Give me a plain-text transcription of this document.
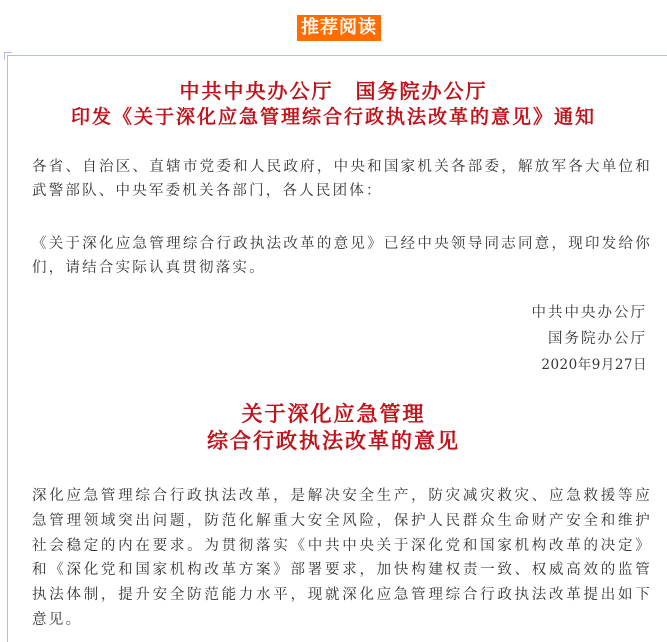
推荐阅读
中共中央办公厅　国务院办公厅
印发《关于深化应急管理综合行政执法改革的意见》通知
各省、自治区、直辖市党委和人民政府，中央和国家机关各部委，解放军各大单位和武警部队、中央军委机关各部门，各人民团体：
《关于深化应急管理综合行政执法改革的意见》已经中央领导同志同意，现印发给你们，请结合实际认真贯彻落实。
中共中央办公厅
国务院办公厅
2020年9月27日
关于深化应急管理
综合行政执法改革的意见
深化应急管理综合行政执法改革，是解决安全生产，防灾减灾救灾、应急救援等应急管理领域突出问题，防范化解重大安全风险，保护人民群众生命财产安全和维护社会稳定的内在要求。为贯彻落实《中共中央关于深化党和国家机构改革的决定》和《深化党和国家机构改革方案》部署要求，加快构建权责一致、权威高效的监管执法体制，提升安全防范能力水平，现就深化应急管理综合行政执法改革提出如下意见。
